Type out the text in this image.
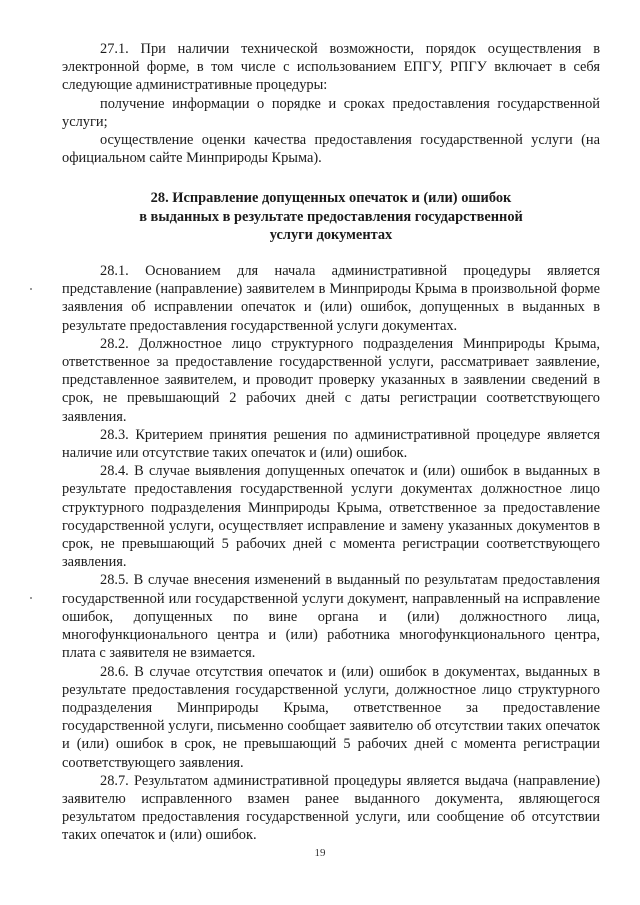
27.1. При наличии технической возможности, порядок осуществления в электронной форме, в том числе с использованием ЕПГУ, РПГУ включает в себя следующие административные процедуры:

получение информации о порядке и сроках предоставления государственной услуги;

осуществление оценки качества предоставления государственной услуги (на официальном сайте Минприроды Крыма).

28. Исправление допущенных опечаток и (или) ошибок
в выданных в результате предоставления государственной
услуги документах

28.1. Основанием для начала административной процедуры является представление (направление) заявителем в Минприроды Крыма в произвольной форме заявления об исправлении опечаток и (или) ошибок, допущенных в выданных в результате предоставления государственной услуги документах.

28.2. Должностное лицо структурного подразделения Минприроды Крыма, ответственное за предоставление государственной услуги, рассматривает заявление, представленное заявителем, и проводит проверку указанных в заявлении сведений в срок, не превышающий 2 рабочих дней с даты регистрации соответствующего заявления.

28.3. Критерием принятия решения по административной процедуре является наличие или отсутствие таких опечаток и (или) ошибок.

28.4. В случае выявления допущенных опечаток и (или) ошибок в выданных в результате предоставления государственной услуги документах должностное лицо структурного подразделения Минприроды Крыма, ответственное за предоставление государственной услуги, осуществляет исправление и замену указанных документов в срок, не превышающий 5 рабочих дней с момента регистрации соответствующего заявления.

28.5. В случае внесения изменений в выданный по результатам предоставления государственной или государственной услуги документ, направленный на исправление ошибок, допущенных по вине органа и (или) должностного лица, многофункционального центра и (или) работника многофункционального центра, плата с заявителя не взимается.

28.6. В случае отсутствия опечаток и (или) ошибок в документах, выданных в результате предоставления государственной услуги, должностное лицо структурного подразделения Минприроды Крыма, ответственное за предоставление государственной услуги, письменно сообщает заявителю об отсутствии таких опечаток и (или) ошибок в срок, не превышающий 5 рабочих дней с момента регистрации соответствующего заявления.

28.7. Результатом административной процедуры является выдача (направление) заявителю исправленного взамен ранее выданного документа, являющегося результатом предоставления государственной услуги, или сообщение об отсутствии таких опечаток и (или) ошибок.

19
